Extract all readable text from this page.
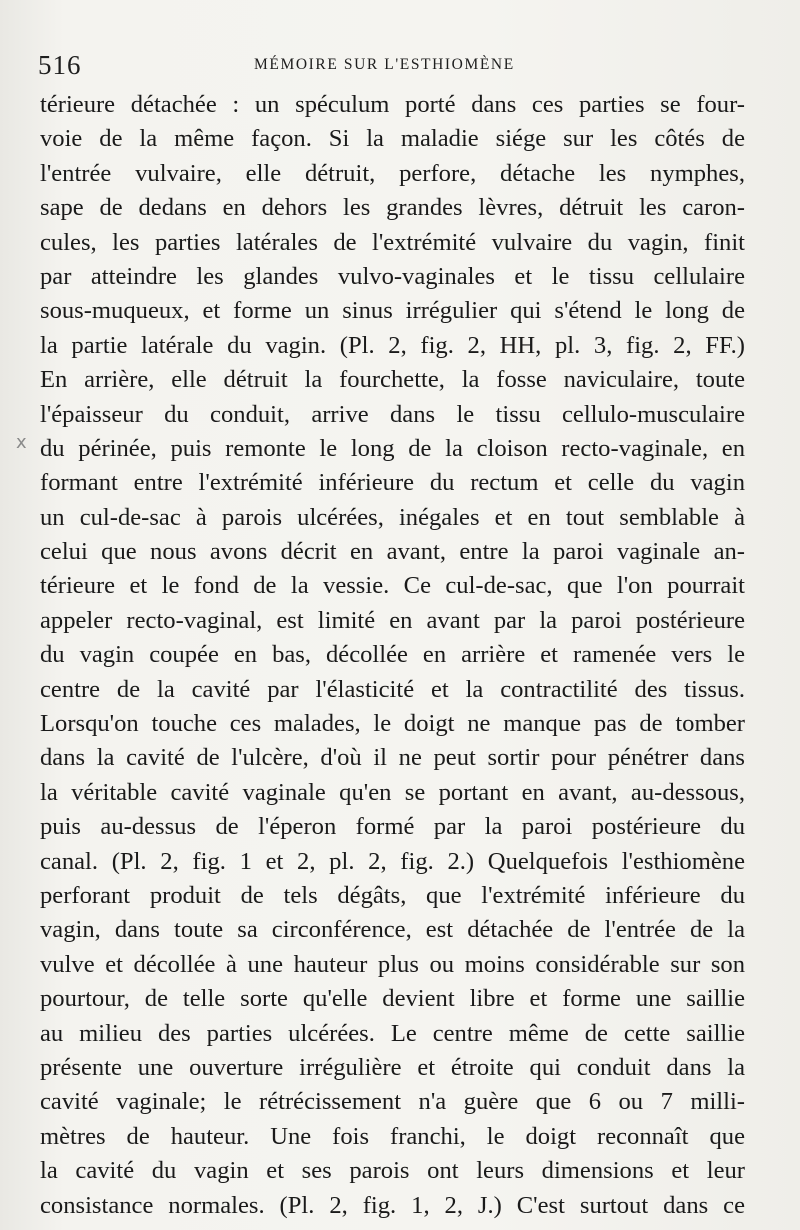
516	MÉMOIRE SUR L'ESTHIOMÈNE
x
térieure détachée : un spéculum porté dans ces parties se four-
voie de la même façon. Si la maladie siége sur les côtés de
l'entrée vulvaire, elle détruit, perfore, détache les nymphes,
sape de dedans en dehors les grandes lèvres, détruit les caron-
cules, les parties latérales de l'extrémité vulvaire du vagin, finit
par atteindre les glandes vulvo-vaginales et le tissu cellulaire
sous-muqueux, et forme un sinus irrégulier qui s'étend le long de
la partie latérale du vagin. (Pl. 2, fig. 2, HH, pl. 3, fig. 2, FF.)
En arrière, elle détruit la fourchette, la fosse naviculaire, toute
l'épaisseur du conduit, arrive dans le tissu cellulo-musculaire
du périnée, puis remonte le long de la cloison recto-vaginale, en
formant entre l'extrémité inférieure du rectum et celle du vagin
un cul-de-sac à parois ulcérées, inégales et en tout semblable à
celui que nous avons décrit en avant, entre la paroi vaginale an-
térieure et le fond de la vessie. Ce cul-de-sac, que l'on pourrait
appeler recto-vaginal, est limité en avant par la paroi postérieure
du vagin coupée en bas, décollée en arrière et ramenée vers le
centre de la cavité par l'élasticité et la contractilité des tissus.
Lorsqu'on touche ces malades, le doigt ne manque pas de tomber
dans la cavité de l'ulcère, d'où il ne peut sortir pour pénétrer dans
la véritable cavité vaginale qu'en se portant en avant, au-dessous,
puis au-dessus de l'éperon formé par la paroi postérieure du
canal. (Pl. 2, fig. 1 et 2, pl. 2, fig. 2.) Quelquefois l'esthiomène
perforant produit de tels dégâts, que l'extrémité inférieure du
vagin, dans toute sa circonférence, est détachée de l'entrée de la
vulve et décollée à une hauteur plus ou moins considérable sur son
pourtour, de telle sorte qu'elle devient libre et forme une saillie
au milieu des parties ulcérées. Le centre même de cette saillie
présente une ouverture irrégulière et étroite qui conduit dans la
cavité vaginale; le rétrécissement n'a guère que 6 ou 7 milli-
mètres de hauteur. Une fois franchi, le doigt reconnaît que
la cavité du vagin et ses parois ont leurs dimensions et leur
consistance normales. (Pl. 2, fig. 1, 2, J.) C'est surtout dans ce
